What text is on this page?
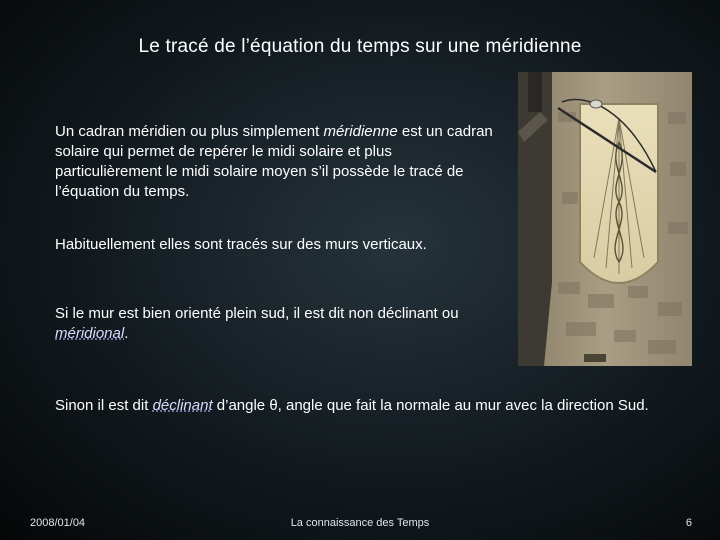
Le tracé de l’équation du temps sur une méridienne
Un cadran méridien ou plus simplement méridienne est un cadran solaire qui permet de repérer le midi solaire et plus particulièrement le midi solaire moyen s’il possède le tracé de l’équation du temps.
Habituellement elles sont tracés sur des murs verticaux.
Si le mur est bien orienté plein sud, il est dit non déclinant ou méridional.
Sinon il est dit déclinant d’angle θ, angle que fait la normale au mur avec la direction Sud.
2008/01/04	La connaissance des Temps	6
